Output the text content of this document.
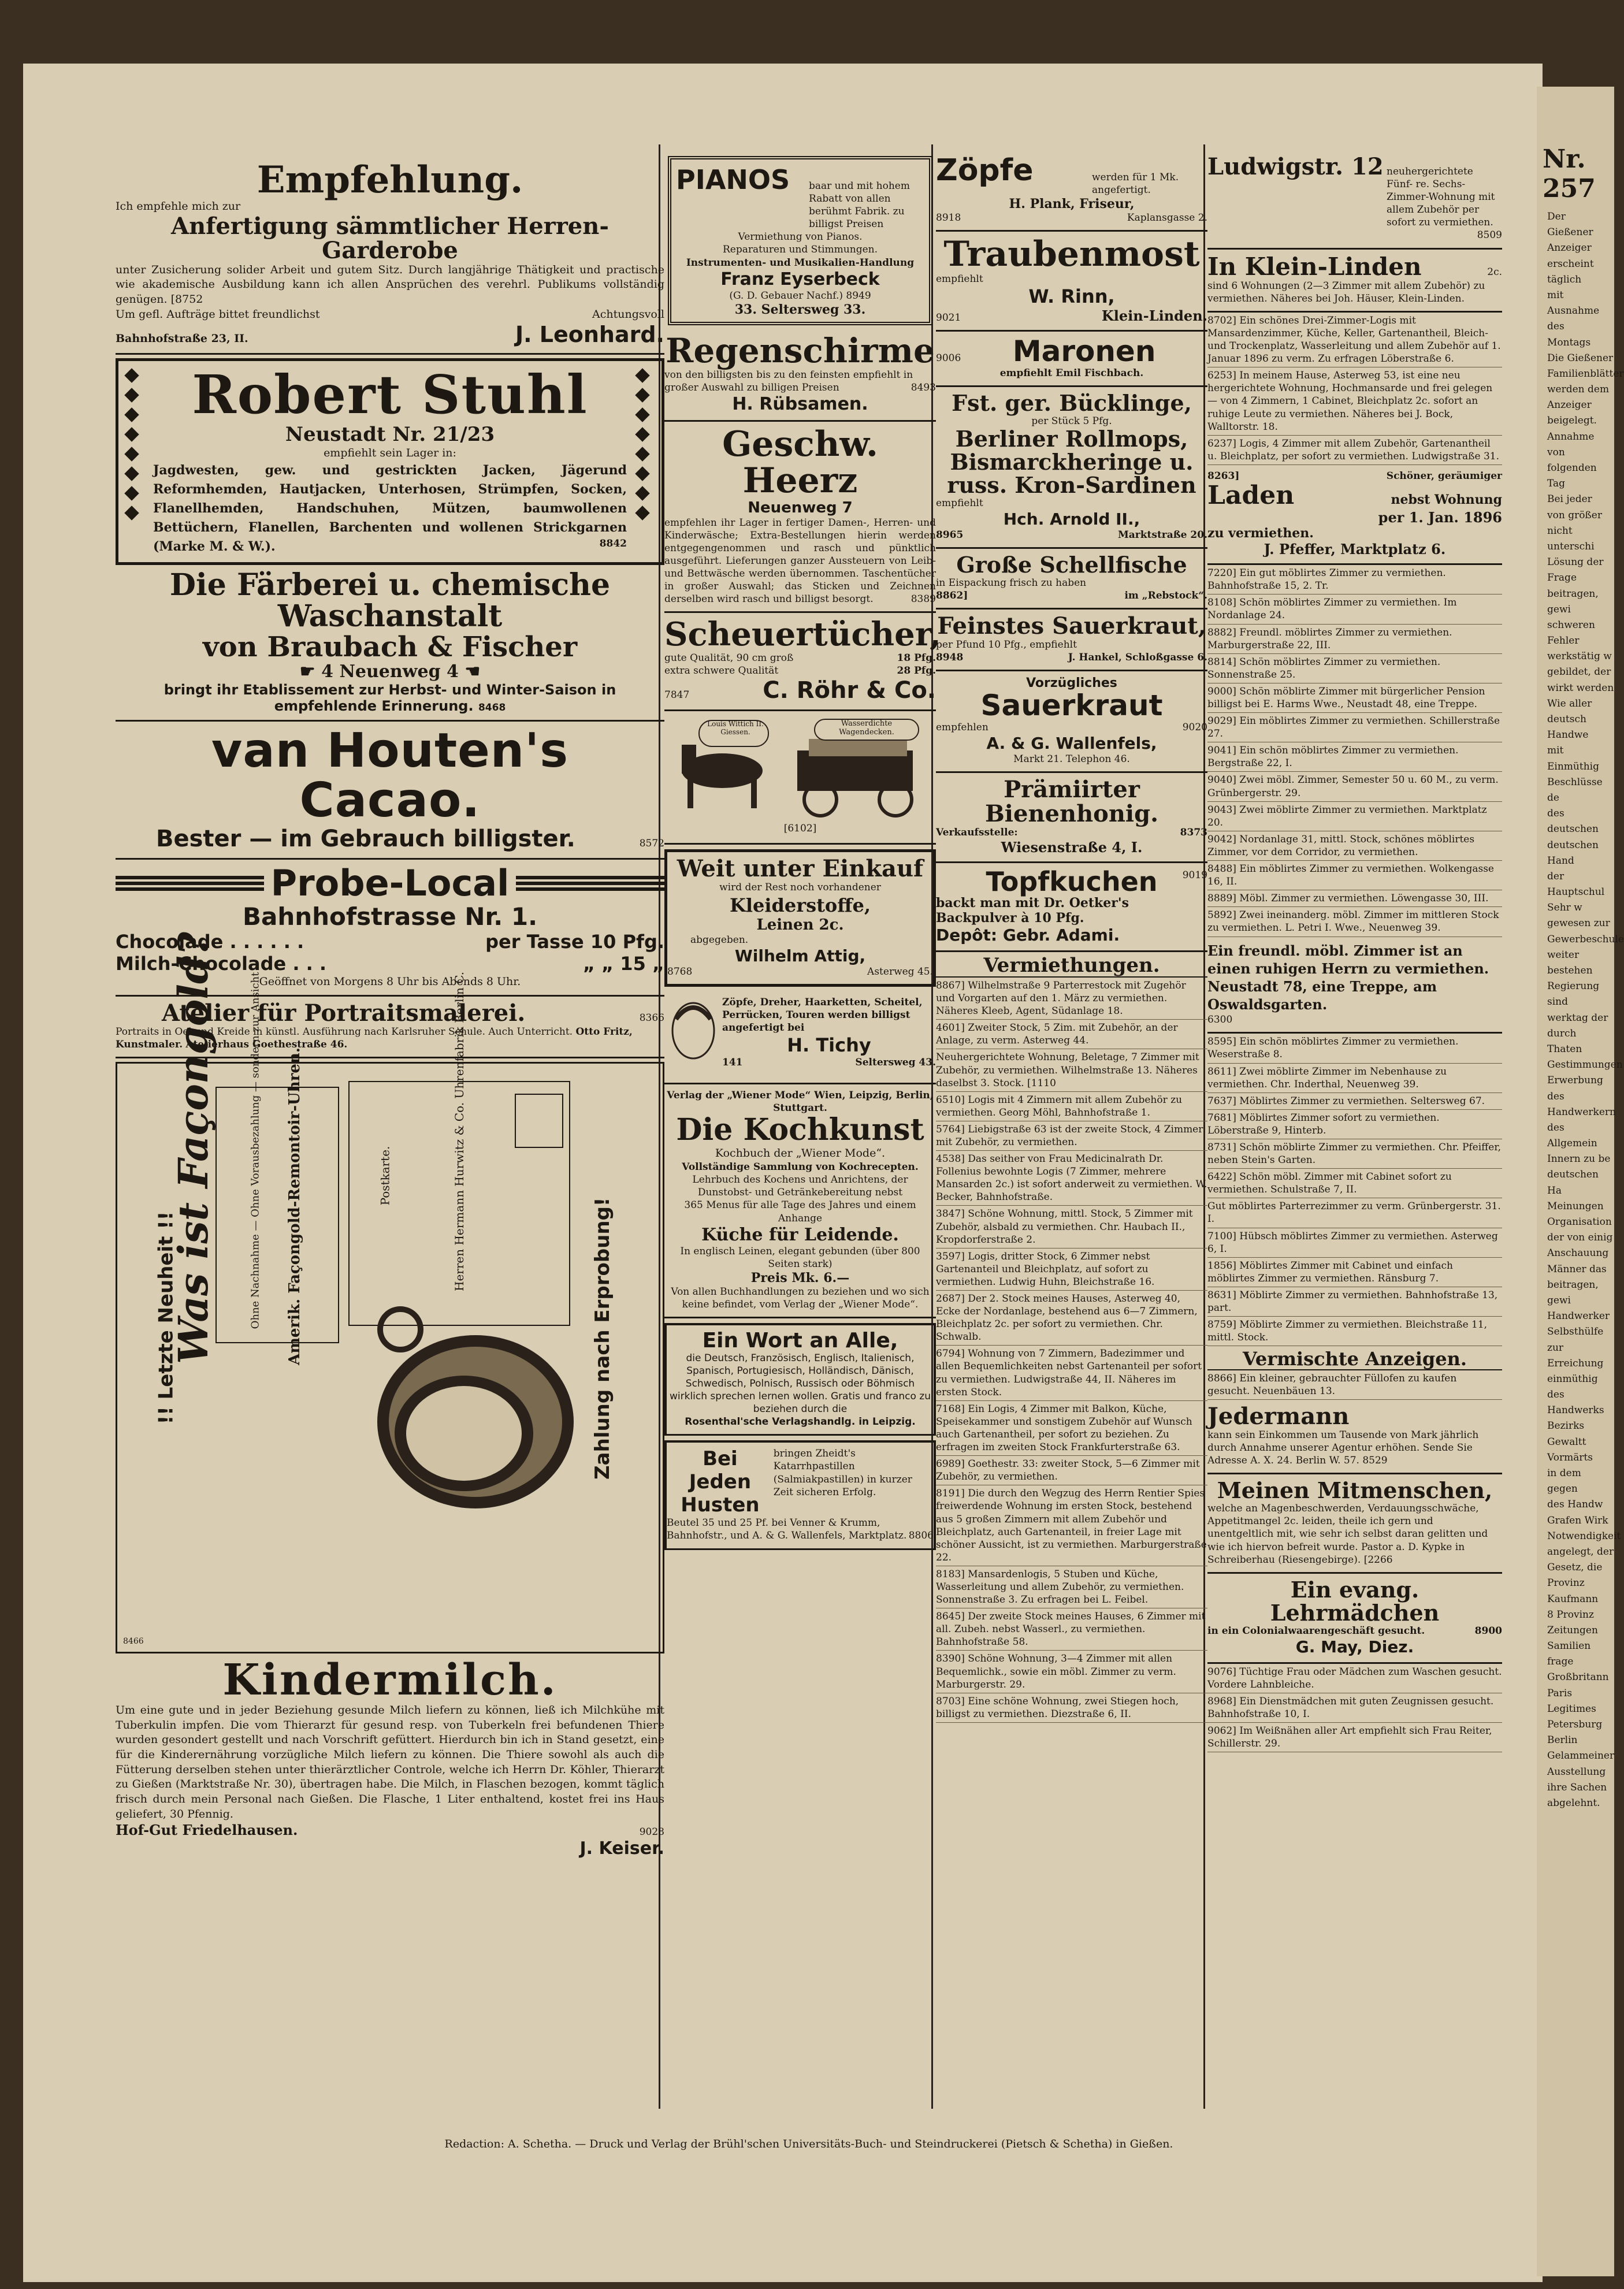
Nr. 257
Der
Gießener Anzeiger
erscheint täglich
mit Ausnahme des
Montags
Die Gießener
Familienblätter
werden dem Anzeiger
beigelegt.
Annahme von
folgenden Tag
Bei jeder
von größer
nicht unterschi
Lösung der Frage
beitragen, gewi
schweren Fehler
werkstätig w
gebildet, der
wirkt werden
Wie aller
deutsch Handwe
mit Einmüthig
Beschlüsse de
des deutschen
deutschen Hand
der Hauptschul
Sehr w
gewesen zur
Gewerbeschule
weiter bestehen
Regierung sind
werktag der
durch Thaten
Gestimmungen
Erwerbung des
Handwerkern
des Allgemein
Innern zu be
deutschen Ha
Meinungen
Organisation
der von einig
Anschauung
Männer das
beitragen, gewi
Handwerker
Selbsthülfe
zur Erreichung
einmüthig
des Handwerks
Bezirks
Gewaltt
Vormärts
in dem gegen
des Handw
Grafen Wirk
Notwendigkeit
angelegt, der
Gesetz, die
Provinz
Kaufmann
8 Provinz
Zeitungen
Samilien
frage
Großbritann
Paris
Legitimes
Petersburg
Berlin
Gelammeiner
Ausstellung
ihre Sachen
abgelehnt.
Empfehlung.
Ich empfehle mich zur
Anfertigung sämmtlicher Herren-Garderobe
unter Zusicherung solider Arbeit und gutem Sitz. Durch langjährige Thätigkeit und practische wie akademische Ausbildung kann ich allen Ansprüchen des verehrl. Publikums vollständig genügen. [8752
Um gefl. Aufträge bittet freundlichst	Achtungsvoll
Bahnhofstraße 23, II.	J. Leonhard.
Robert Stuhl
Neustadt Nr. 21/23
empfiehlt sein Lager in:
Jagdwesten, gew. und gestrickten Jacken, Jägerund Reformhemden, Hautjacken, Unterhosen, Strümpfen, Socken, Flanellhemden, Handschuhen, Mützen, baumwollenen Bettüchern, Flanellen, Barchenten und wollenen Strickgarnen (Marke M. & W.).	8842
Die Färberei u. chemische Waschanstalt
von Braubach & Fischer
☛ 4 Neuenweg 4 ☚
bringt ihr Etablissement zur Herbst- und Winter-Saison in empfehlende Erinnerung. 8468
van Houten's Cacao.
Bester — im Gebrauch billigster.	8572
Probe-Local
Bahnhofstrasse Nr. 1.
Chocolade . . . . . .	per Tasse 10 Pfg.
Milch-Chocolade . . .	„ „ 15 „
Geöffnet von Morgens 8 Uhr bis Abends 8 Uhr.
Atelier für Portraitsmalerei.	8366
Portraits in Oel und Kreide in künstl. Ausführung nach Karlsruher Schule. Auch Unterricht. Otto Fritz, Kunstmaler. Atelierhaus Goethestraße 46.
!! Letzte Neuheit !!	Ohne Nachnahme — Ohne Vorausbezahlung — sondern zur Ansicht
Was ist Façongold?	Amerik. Façongold-Remontoir-Uhren.	Postkarte.	Herren Hermann Hurwitz & Co. Uhrenfabrik Berlin C.
Zahlung nach Erprobung!
8466
Kindermilch.
Um eine gute und in jeder Beziehung gesunde Milch liefern zu können, ließ ich Milchkühe mit Tuberkulin impfen. Die vom Thierarzt für gesund resp. von Tuberkeln frei befundenen Thiere wurden gesondert gestellt und nach Vorschrift gefüttert. Hierdurch bin ich in Stand gesetzt, eine für die Kinderernährung vorzügliche Milch liefern zu können. Die Thiere sowohl als auch die Fütterung derselben stehen unter thierärztlicher Controle, welche ich Herrn Dr. Köhler, Thierarzt zu Gießen (Marktstraße Nr. 30), übertragen habe. Die Milch, in Flaschen bezogen, kommt täglich frisch durch mein Personal nach Gießen. Die Flasche, 1 Liter enthaltend, kostet frei ins Haus geliefert, 30 Pfennig.
Hof-Gut Friedelhausen.	9028
J. Keiser.
PIANOS baar und mit hohem Rabatt von allen berühmt Fabrik. zu billigst Preisen
Vermiethung von Pianos.
Reparaturen und Stimmungen.
Instrumenten- und Musikalien-Handlung
Franz Eyserbeck
(G. D. Gebauer Nachf.) 8949
33. Seltersweg 33.
Regenschirme
von den billigsten bis zu den feinsten empfiehlt in großer Auswahl zu billigen Preisen	8493
H. Rübsamen.
Geschw. Heerz
Neuenweg 7
empfehlen ihr Lager in fertiger Damen-, Herren- und Kinderwäsche; Extra-Bestellungen hierin werden entgegengenommen und rasch und pünktlich ausgeführt. Lieferungen ganzer Aussteuern von Leib- und Bettwäsche werden übernommen. Taschentücher in großer Auswahl; das Sticken und Zeichnen derselben wird rasch und billigst besorgt.	8389
Scheuertücher,
gute Qualität, 90 cm groß	18 Pfg.
extra schwere Qualität	28 Pfg.
7847	C. Röhr & Co.
Louis Wittich II. Giessen.
Wasserdichte Wagendecken.
[6102]
Weit unter Einkauf
wird der Rest noch vorhandener
Kleiderstoffe,
Leinen 2c.
abgegeben.
Wilhelm Attig,
8768	Asterweg 45.
Zöpfe, Dreher, Haarketten, Scheitel, Perrücken, Touren werden billigst angefertigt bei
H. Tichy
141	Seltersweg 43.
Verlag der „Wiener Mode“ Wien, Leipzig, Berlin, Stuttgart.
Die Kochkunst
Kochbuch der „Wiener Mode“.
Vollständige Sammlung von Kochrecepten.
Lehrbuch des Kochens und Anrichtens, der Dunstobst- und Getränkebereitung nebst
365 Menus für alle Tage des Jahres und einem Anhange
Küche für Leidende.
In englisch Leinen, elegant gebunden (über 800 Seiten stark)
Preis Mk. 6.—
Von allen Buchhandlungen zu beziehen und wo sich keine befindet, vom Verlag der „Wiener Mode“.
Ein Wort an Alle,
die Deutsch, Französisch, Englisch, Italienisch, Spanisch, Portugiesisch, Holländisch, Dänisch, Schwedisch, Polnisch, Russisch oder Böhmisch wirklich sprechen lernen wollen. Gratis und franco zu beziehen durch die
Rosenthal'sche Verlagshandlg. in Leipzig.
Bei
Jeden
Husten
bringen Zheidt's Katarrhpastillen (Salmiakpastillen) in kurzer Zeit sicheren Erfolg.
Beutel 35 und 25 Pf. bei Venner & Krumm, Bahnhofstr., und A. & G. Wallenfels, Marktplatz. 8806
Zöpfe	werden für 1 Mk. angefertigt.
H. Plank, Friseur,
8918	Kaplansgasse 2.
Traubenmost
empfiehlt
W. Rinn,
9021	Klein-Linden.
9006 Maronen
empfiehlt Emil Fischbach.
Fst. ger. Bücklinge,
per Stück 5 Pfg.
Berliner Rollmops,
Bismarckheringe u.
russ. Kron-Sardinen
empfiehlt
Hch. Arnold II.,
8965	Marktstraße 20.
Große Schellfische
in Eispackung frisch zu haben
8862]	im „Rebstock“.
Feinstes Sauerkraut,
per Pfund 10 Pfg., empfiehlt
8948	J. Hankel, Schloßgasse 6.
Vorzügliches
Sauerkraut
empfehlen	9020
A. & G. Wallenfels,
Markt 21. Telephon 46.
Prämiirter Bienenhonig.
Verkaufsstelle:	8373
Wiesenstraße 4, I.
Topfkuchen
backt man mit Dr. Oetker's Backpulver à 10 Pfg.
Depôt: Gebr. Adami.
9019
Vermiethungen.
8867] Wilhelmstraße 9 Parterrestock mit Zugehör und Vorgarten auf den 1. März zu vermiethen. Näheres Kleeb, Agent, Südanlage 18.
4601] Zweiter Stock, 5 Zim. mit Zubehör, an der Anlage, zu verm. Asterweg 44.
Neuhergerichtete Wohnung, Beletage, 7 Zimmer mit Zubehör, zu vermiethen. Wilhelmstraße 13. Näheres daselbst 3. Stock. [1110
6510] Logis mit 4 Zimmern mit allem Zubehör zu vermiethen. Georg Möhl, Bahnhofstraße 1.
5764] Liebigstraße 63 ist der zweite Stock, 4 Zimmer mit Zubehör, zu vermiethen.
4538] Das seither von Frau Medicinalrath Dr. Follenius bewohnte Logis (7 Zimmer, mehrere Mansarden 2c.) ist sofort anderweit zu vermiethen. W. Becker, Bahnhofstraße.
3847] Schöne Wohnung, mittl. Stock, 5 Zimmer mit Zubehör, alsbald zu vermiethen. Chr. Haubach II., Kropdorferstraße 2.
3597] Logis, dritter Stock, 6 Zimmer nebst Gartenanteil und Bleichplatz, auf sofort zu vermiethen. Ludwig Huhn, Bleichstraße 16.
2687] Der 2. Stock meines Hauses, Asterweg 40, Ecke der Nordanlage, bestehend aus 6—7 Zimmern, Bleichplatz 2c. per sofort zu vermiethen. Chr. Schwalb.
6794] Wohnung von 7 Zimmern, Badezimmer und allen Bequemlichkeiten nebst Gartenanteil per sofort zu vermiethen. Ludwigstraße 44, II. Näheres im ersten Stock.
7168] Ein Logis, 4 Zimmer mit Balkon, Küche, Speisekammer und sonstigem Zubehör auf Wunsch auch Gartenantheil, per sofort zu beziehen. Zu erfragen im zweiten Stock Frankfurterstraße 63.
6989] Goethestr. 33: zweiter Stock, 5—6 Zimmer mit Zubehör, zu vermiethen.
8191] Die durch den Wegzug des Herrn Rentier Spies freiwerdende Wohnung im ersten Stock, bestehend aus 5 großen Zimmern mit allem Zubehör und Bleichplatz, auch Gartenanteil, in freier Lage mit schöner Aussicht, ist zu vermiethen. Marburgerstraße 22.
8183] Mansardenlogis, 5 Stuben und Küche, Wasserleitung und allem Zubehör, zu vermiethen. Sonnenstraße 3. Zu erfragen bei L. Feibel.
8645] Der zweite Stock meines Hauses, 6 Zimmer mit all. Zubeh. nebst Wasserl., zu vermiethen. Bahnhofstraße 58.
8390] Schöne Wohnung, 3—4 Zimmer mit allen Bequemlichk., sowie ein möbl. Zimmer zu verm. Marburgerstr. 29.
8703] Eine schöne Wohnung, zwei Stiegen hoch, billigst zu vermiethen. Diezstraße 6, II.
Ludwigstr. 12 neuhergerichtete Fünf- re. Sechs-Zimmer-Wohnung mit allem Zubehör per sofort zu vermiethen.
8509
In Klein-Linden	2c.
sind 6 Wohnungen (2—3 Zimmer mit allem Zubehör) zu vermiethen. Näheres bei Joh. Häuser, Klein-Linden.
8702] Ein schönes Drei-Zimmer-Logis mit Mansardenzimmer, Küche, Keller, Gartenantheil, Bleich- und Trockenplatz, Wasserleitung und allem Zubehör auf 1. Januar 1896 zu verm. Zu erfragen Löberstraße 6.
6253] In meinem Hause, Asterweg 53, ist eine neu hergerichtete Wohnung, Hochmansarde und frei gelegen — von 4 Zimmern, 1 Cabinet, Bleichplatz 2c. sofort an ruhige Leute zu vermiethen. Näheres bei J. Bock, Walltorstr. 18.
6237] Logis, 4 Zimmer mit allem Zubehör, Gartenantheil u. Bleichplatz, per sofort zu vermiethen. Ludwigstraße 31.
8263]	Schöner, geräumiger
Laden	nebst Wohnung
per 1. Jan. 1896
zu vermiethen.
J. Pfeffer, Marktplatz 6.
7220] Ein gut möblirtes Zimmer zu vermiethen. Bahnhofstraße 15, 2. Tr.
8108] Schön möblirtes Zimmer zu vermiethen. Im Nordanlage 24.
8882] Freundl. möblirtes Zimmer zu vermiethen. Marburgerstraße 22, III.
8814] Schön möblirtes Zimmer zu vermiethen. Sonnenstraße 25.
9000] Schön möblirte Zimmer mit bürgerlicher Pension billigst bei E. Harms Wwe., Neustadt 48, eine Treppe.
9029] Ein möblirtes Zimmer zu vermiethen. Schillerstraße 27.
9041] Ein schön möblirtes Zimmer zu vermiethen. Bergstraße 22, I.
9040] Zwei möbl. Zimmer, Semester 50 u. 60 M., zu verm. Grünbergerstr. 29.
9043] Zwei möblirte Zimmer zu vermiethen. Marktplatz 20.
9042] Nordanlage 31, mittl. Stock, schönes möblirtes Zimmer, vor dem Corridor, zu vermiethen.
8488] Ein möblirtes Zimmer zu vermiethen. Wolkengasse 16, II.
8889] Möbl. Zimmer zu vermiethen. Löwengasse 30, III.
5892] Zwei ineinanderg. möbl. Zimmer im mittleren Stock zu vermiethen. L. Petri I. Wwe., Neuenweg 39.
Ein freundl. möbl. Zimmer ist an einen ruhigen Herrn zu vermiethen. Neustadt 78, eine Treppe, am Oswaldsgarten.
6300
8595] Ein schön möblirtes Zimmer zu vermiethen. Weserstraße 8.
8611] Zwei möblirte Zimmer im Nebenhause zu vermiethen. Chr. Inderthal, Neuenweg 39.
7637] Möblirtes Zimmer zu vermiethen. Seltersweg 67.
7681] Möblirtes Zimmer sofort zu vermiethen. Löberstraße 9, Hinterb.
8731] Schön möblirte Zimmer zu vermiethen. Chr. Pfeiffer, neben Stein's Garten.
6422] Schön möbl. Zimmer mit Cabinet sofort zu vermiethen. Schulstraße 7, II.
Gut möblirtes Parterrezimmer zu verm. Grünbergerstr. 31. I.
7100] Hübsch möblirtes Zimmer zu vermiethen. Asterweg 6, I.
1856] Möblirtes Zimmer mit Cabinet und einfach möblirtes Zimmer zu vermiethen. Ränsburg 7.
8631] Möblirte Zimmer zu vermiethen. Bahnhofstraße 13, part.
8759] Möblirte Zimmer zu vermiethen. Bleichstraße 11, mittl. Stock.
Vermischte Anzeigen.
8866] Ein kleiner, gebrauchter Füllofen zu kaufen gesucht. Neuenbäuen 13.
Jedermann
kann sein Einkommen um Tausende von Mark jährlich durch Annahme unserer Agentur erhöhen. Sende Sie Adresse A. X. 24. Berlin W. 57. 8529
Meinen Mitmenschen,
welche an Magenbeschwerden, Verdauungsschwäche, Appetitmangel 2c. leiden, theile ich gern und unentgeltlich mit, wie sehr ich selbst daran gelitten und wie ich hiervon befreit wurde. Pastor a. D. Kypke in Schreiberhau (Riesengebirge). [2266
Ein evang. Lehrmädchen
in ein Colonialwaarengeschäft gesucht.	8900
G. May, Diez.
9076] Tüchtige Frau oder Mädchen zum Waschen gesucht. Vordere Lahnbleiche.
8968] Ein Dienstmädchen mit guten Zeugnissen gesucht. Bahnhofstraße 10, I.
9062] Im Weißnähen aller Art empfiehlt sich Frau Reiter, Schillerstr. 29.
Redaction: A. Schetha. — Druck und Verlag der Brühl'schen Universitäts-Buch- und Steindruckerei (Pietsch & Schetha) in Gießen.
